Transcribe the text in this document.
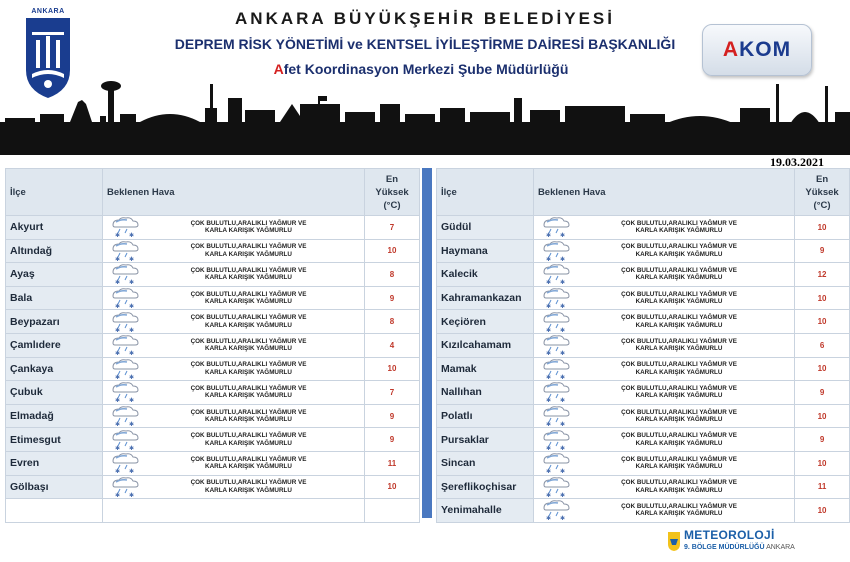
ANKARA	ANKARA BÜYÜKŞEHİR BELEDİYESİ
DEPREM RİSK YÖNETİMİ ve KENTSEL İYİLEŞTİRME DAİRESİ BAŞKANLIĞI
Afet Koordinasyon Merkezi Şube Müdürlüğü
AKOM
19.03.2021
İlçe	Beklenen Hava	En
Yüksek
(°C)

Akyurt	✱ ✱
ÇOK BULUTLU,ARALIKLI YAĞMUR VE
KARLA KARIŞIK YAĞMURLU	7
Altındağ	✱ ✱
ÇOK BULUTLU,ARALIKLI YAĞMUR VE
KARLA KARIŞIK YAĞMURLU	10
Ayaş	✱ ✱
ÇOK BULUTLU,ARALIKLI YAĞMUR VE
KARLA KARIŞIK YAĞMURLU	8
Bala	✱ ✱
ÇOK BULUTLU,ARALIKLI YAĞMUR VE
KARLA KARIŞIK YAĞMURLU	9
Beypazarı	✱ ✱
ÇOK BULUTLU,ARALIKLI YAĞMUR VE
KARLA KARIŞIK YAĞMURLU	8
Çamlıdere	✱ ✱
ÇOK BULUTLU,ARALIKLI YAĞMUR VE
KARLA KARIŞIK YAĞMURLU	4
Çankaya	✱ ✱
ÇOK BULUTLU,ARALIKLI YAĞMUR VE
KARLA KARIŞIK YAĞMURLU	10
Çubuk	✱ ✱
ÇOK BULUTLU,ARALIKLI YAĞMUR VE
KARLA KARIŞIK YAĞMURLU	7
Elmadağ	✱ ✱
ÇOK BULUTLU,ARALIKLI YAĞMUR VE
KARLA KARIŞIK YAĞMURLU	9
Etimesgut	✱ ✱
ÇOK BULUTLU,ARALIKLI YAĞMUR VE
KARLA KARIŞIK YAĞMURLU	9
Evren	✱ ✱
ÇOK BULUTLU,ARALIKLI YAĞMUR VE
KARLA KARIŞIK YAĞMURLU	11
Gölbaşı	✱ ✱
ÇOK BULUTLU,ARALIKLI YAĞMUR VE
KARLA KARIŞIK YAĞMURLU	10

İlçe	Beklenen Hava	En
Yüksek
(°C)

Güdül	✱ ✱
ÇOK BULUTLU,ARALIKLI YAĞMUR VE
KARLA KARIŞIK YAĞMURLU	10
Haymana	✱ ✱
ÇOK BULUTLU,ARALIKLI YAĞMUR VE
KARLA KARIŞIK YAĞMURLU	9
Kalecik	✱ ✱
ÇOK BULUTLU,ARALIKLI YAĞMUR VE
KARLA KARIŞIK YAĞMURLU	12
Kahramankazan	✱ ✱
ÇOK BULUTLU,ARALIKLI YAĞMUR VE
KARLA KARIŞIK YAĞMURLU	10
Keçiören	✱ ✱
ÇOK BULUTLU,ARALIKLI YAĞMUR VE
KARLA KARIŞIK YAĞMURLU	10
Kızılcahamam	✱ ✱
ÇOK BULUTLU,ARALIKLI YAĞMUR VE
KARLA KARIŞIK YAĞMURLU	6
Mamak	✱ ✱
ÇOK BULUTLU,ARALIKLI YAĞMUR VE
KARLA KARIŞIK YAĞMURLU	10
Nallıhan	✱ ✱
ÇOK BULUTLU,ARALIKLI YAĞMUR VE
KARLA KARIŞIK YAĞMURLU	9
Polatlı	✱ ✱
ÇOK BULUTLU,ARALIKLI YAĞMUR VE
KARLA KARIŞIK YAĞMURLU	10
Pursaklar	✱ ✱
ÇOK BULUTLU,ARALIKLI YAĞMUR VE
KARLA KARIŞIK YAĞMURLU	9
Sincan	✱ ✱
ÇOK BULUTLU,ARALIKLI YAĞMUR VE
KARLA KARIŞIK YAĞMURLU	10
Şereflikoçhisar	✱ ✱
ÇOK BULUTLU,ARALIKLI YAĞMUR VE
KARLA KARIŞIK YAĞMURLU	11
Yenimahalle	✱ ✱
ÇOK BULUTLU,ARALIKLI YAĞMUR VE
KARLA KARIŞIK YAĞMURLU	10
METEOROLOJİ
9. BÖLGE MÜDÜRLÜĞÜ ANKARA
